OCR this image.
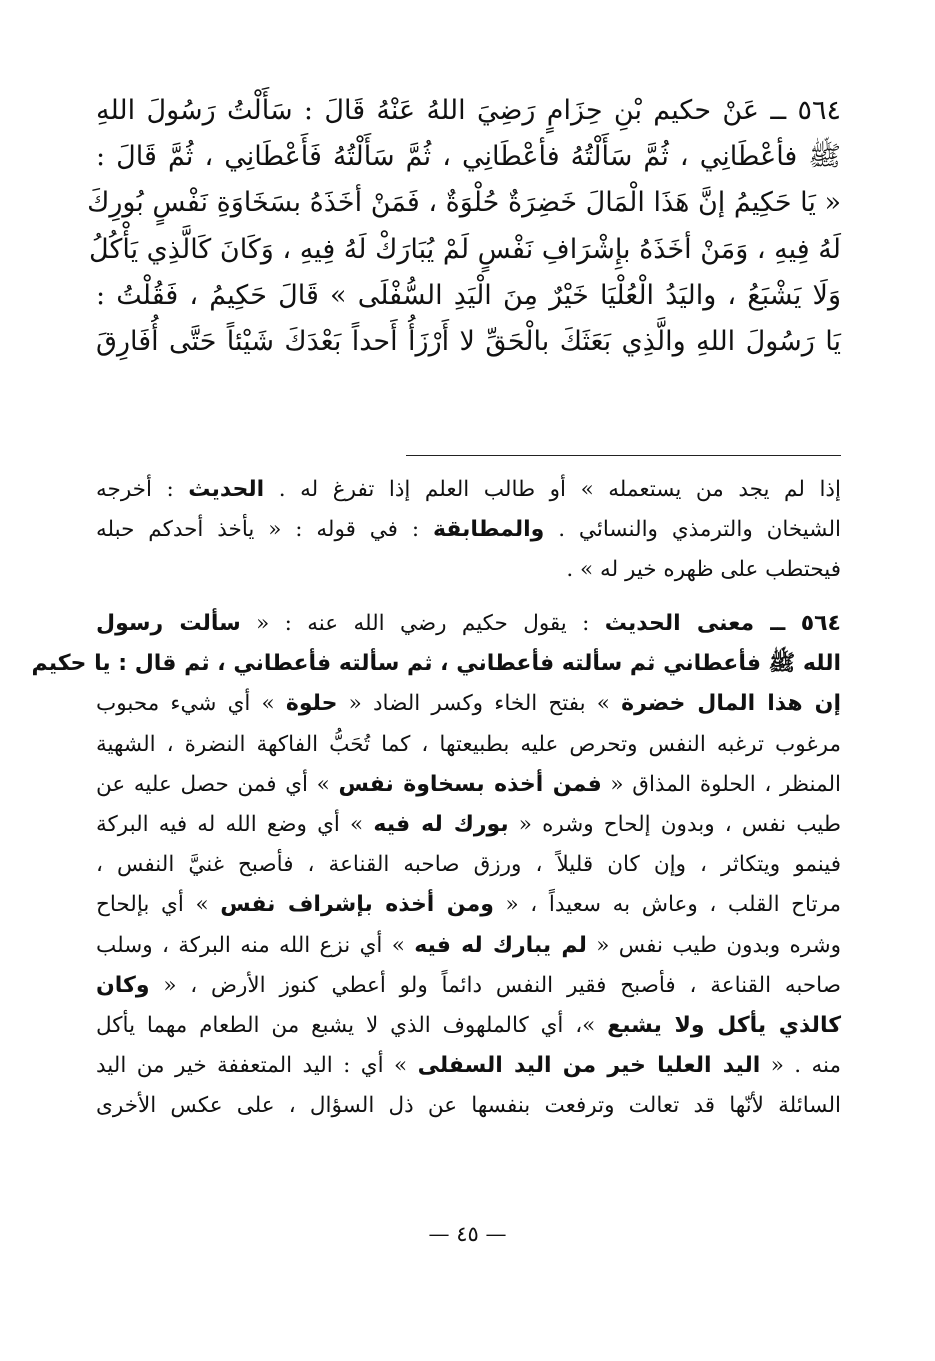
٥٦٤ ــ عَنْ حكيم بْنِ حِزَامٍ رَضِيَ اللهُ عَنْهُ قَالَ : سَأَلْتُ رَسُولَ اللهِ
ﷺ فأعْطَانِي ، ثُمَّ سَأَلْتُهُ فأعْطَانِي ، ثُمَّ سَأَلْتُهُ فَأَعْطَانِي ، ثُمَّ قَالَ :
« يَا حَكِيمُ إنَّ هَذَا الْمَالَ خَضِرَةٌ حُلْوَةٌ ، فَمَنْ أخَذَهُ بسَخَاوَةِ نَفْسٍ بُورِكَ
لَهُ فِيهِ ، وَمَنْ أخَذَهُ بإِشْرَافِ نَفْسٍ لَمْ يُبَارَكْ لَهُ فِيهِ ، وَكَانَ كَالَّذِي يَأْكُلُ
وَلَا يَشْبَعُ ، واليَدُ الْعُلْيَا خَيْرٌ مِنَ الْيَدِ السُّفْلَى » قَالَ حَكِيمُ ، فَقُلْتُ :
يَا رَسُولَ اللهِ والَّذِي بَعَثَكَ بالْحَقِّ لا أَرْزَأُ أَحداً بَعْدَكَ شَيْئاً حَتَّى أُفَارِقَ

إذا لم يجد من يستعمله » أو طالب العلم إذا تفرغ له . الحديث : أخرجه
الشيخان والترمذي والنسائي . والمطابقة : في قوله : « يأخذ أحدكم حبله
فيحتطب على ظهره خير له » .
٥٦٤ ــ معنى الحديث : يقول حكيم رضي الله عنه : « سألت رسول
الله ﷺ فأعطاني ثم سألته فأعطاني ، ثم سألته فأعطاني ، ثم قال : يا حكيم
إن هذا المال خضرة » بفتح الخاء وكسر الضاد « حلوة » أي شيء محبوب
مرغوب ترغبه النفس وتحرص عليه بطبيعتها ، كما تُحَبُّ الفاكهة النضرة ، الشهية
المنظر ، الحلوة المذاق « فمن أخذه بسخاوة نفس » أي فمن حصل عليه عن
طيب نفس ، وبدون إلحاح وشره « بورك له فيه » أي وضع الله له فيه البركة
فينمو ويتكاثر ، وإن كان قليلاً ، ورزق صاحبه القناعة ، فأصبح غنيَّ النفس ،
مرتاح القلب ، وعاش به سعيداً ، « ومن أخذه بإشراف نفس » أي بإلحاح
وشره وبدون طيب نفس « لم يبارك له فيه » أي نزع الله منه البركة ، وسلب
صاحبه القناعة ، فأصبح فقير النفس دائماً ولو أعطي كنوز الأرض ، « وكان
كالذي يأكل ولا يشبع »، أي كالملهوف الذي لا يشبع من الطعام مهما يأكل
منه . « اليد العليا خير من اليد السفلى » أي : اليد المتعففة خير من اليد
السائلة لأنّها قد تعالت وترفعت بنفسها عن ذل السؤال ، على عكس الأخرى
— ٤٥ —
